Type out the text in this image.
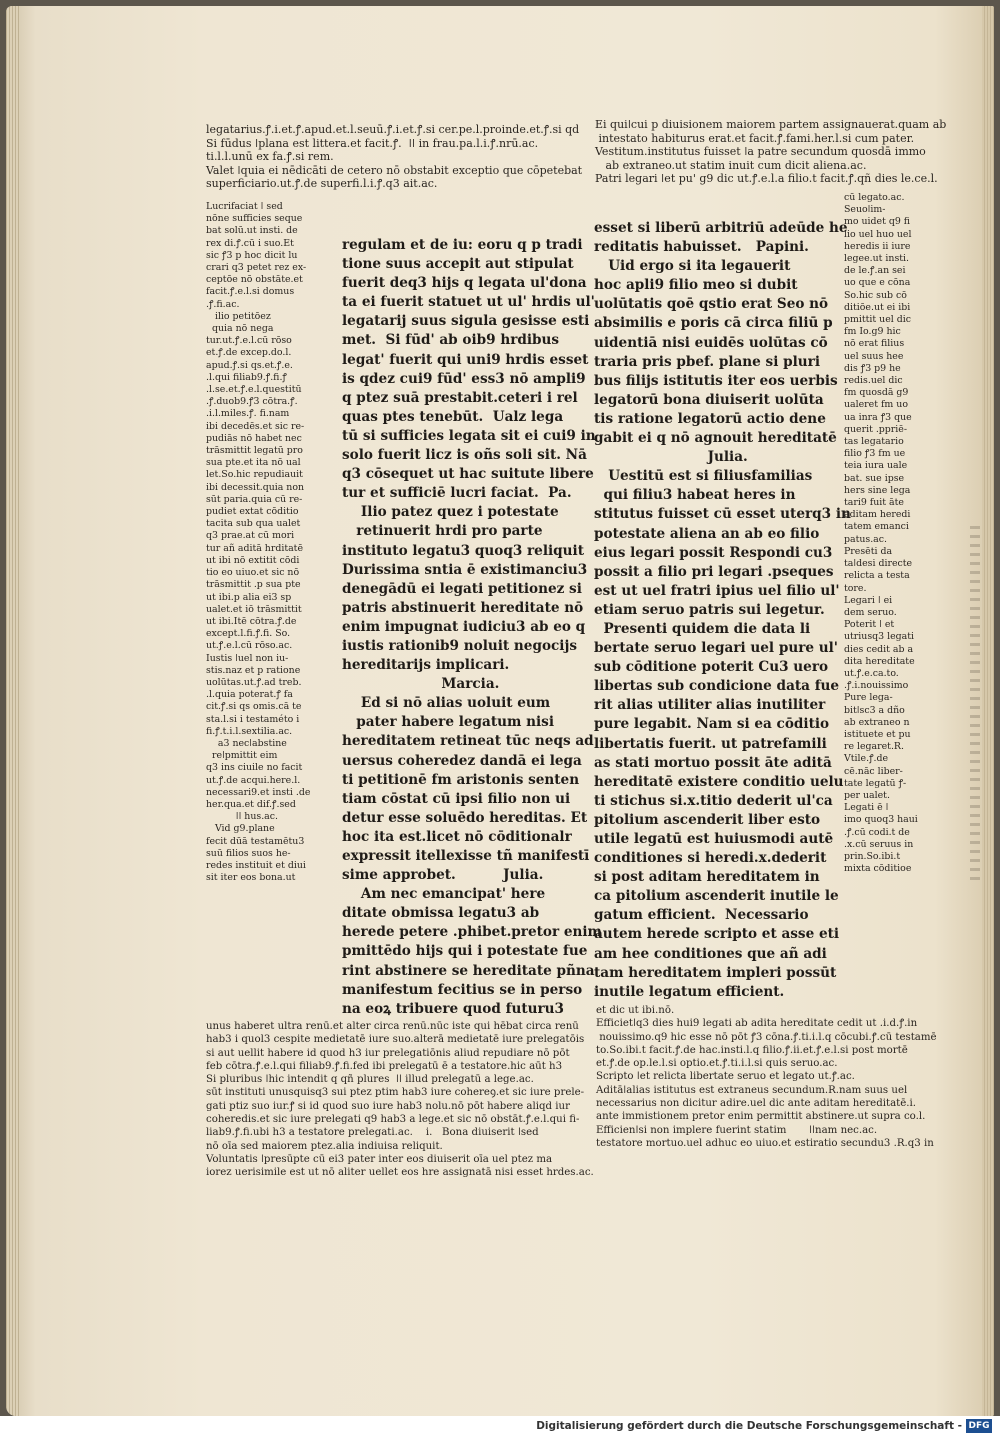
legatarius.ꝭ.i.et.ꝭ.apud.et.l.seuū.ꝭ.i.et.ꝭ.si cer.pe.l.proinde.et.ꝭ.si qd
Si fūdus ǀplana est littera.et facit.ꝭ.  ǀǀ in frau.pa.l.i.ꝭ.nrū.ac.
ti.l.l.unū ex fa.ꝭ.si rem.
Valet ǀquia ei nēdicāti de cetero nō obstabit exceptio que cōpetebat
superficiario.ut.ꝭ.de superfi.l.i.ꝭ.q3 ait.ac.
Lucrifaciat ǀ sed
nōne sufficies seque
bat solū.ut insti. de
rex di.ꝭ.cū i suo.Et
sic ꝭ3 p hoc dicit lu
crari q3 petet rez ex-
ceptōe nō obstāte.et
facit.ꝭ.e.l.si domus
.ꝭ.fi.ac.
ilio petitōez
quia nō nega
tur.ut.ꝭ.e.l.cū rōso
et.ꝭ.de excep.do.l.
apud.ꝭ.si qs.et.ꝭ.e.
.l.qui filiab9.ꝭ.fi.ꝭ
.l.se.et.ꝭ.e.l.questitū
.ꝭ.duob9.ꝭ3 cōtra.ꝭ.
.i.l.miles.ꝭ. fi.nam
ibi decedēs.et sic re-
pudiās nō habet nec
trāsmittit legatū pro
sua pte.et ita nō ual
let.So.hic repudiauit
ibi decessit.quia non
sūt paria.quia cū re-
pudiet extat cōditio
tacita sub qua ualet
q3 prae.at cū mori
tur añ aditā hrditatē
ut ibi nō extitit cōdi
tio eo uiuo.et sic nō
trāsmittit .p sua pte
ut ibi.p alia ei3 sp
ualet.et iō trāsmittit
ut ibi.Itē cōtra.ꝭ.de
except.l.fi.ꝭ.fi. So.
ut.ꝭ.e.l.cū rōso.ac.
Iustis ǀuel non iu-
stis.naz et p ratione
uolūtas.ut.ꝭ.ad treb.
.l.quia poterat.ꝭ fa
cit.ꝭ.si qs omis.cā te
sta.l.si i testaméto i
fi.ꝭ.t.i.l.sextilia.ac.
a3 necǀabstine
reǀpmittit eim
q3 ins ciuile no facit
ut.ꝭ.de acqui.here.l.
necessari9.et insti .de
her.qua.et dif.ꝭ.sed
ǀǀ hus.ac.
Vid g9.plane
fecit dūā testamētu3
suū filios suos he-
redes instituit et diui
sit iter eos bona.ut
regulam et de iu: eoru q p tradi
tione suus accepit aut stipulat
fuerit deq3 hijs q legata ul'dona
ta ei fuerit statuet ut ul' hrdis ul'
legatarij suus sigula gesisse esti
met.  Si fūd' ab oib9 hrdibus
legat' fuerit qui uni9 hrdis esset
is qdez cui9 fūd' ess3 nō ampli9
q ptez suā prestabit.ceteri i rel
quas ptes tenebūt.  Ualz lega
tū si sufficies legata sit ei cui9 in
solo fuerit licz is oñs soli sit. Nā
q3 cōsequet ut hac suitute libere
tur et sufficiē lucri faciat.  Pa.
Ilio patez quez i potestate
retinuerit hrdi pro parte
instituto legatu3 quoq3 reliquit
Durissima sntia ē existimanciu3
denegādū ei legati petitionez si
patris abstinuerit hereditate nō
enim impugnat iudiciu3 ab eo q
iustis rationib9 noluit negocijs
hereditarijs implicari.
Marcia.
Ed si nō alias uoluit eum
pater habere legatum nisi
hereditatem retineat tūc neqs ad
uersus coheredez dandā ei lega
ti petitionē fm aristonis senten
tiam cōstat cū ipsi filio non ui
detur esse soluēdo hereditas. Et
hoc ita est.licet nō cōditionalr
expressit itellexisse tñ manifestī
sime approbet.          Julia.
Am nec emancipat' here
ditate obmissa legatu3 ab
herede petere .phibet.pretor enim
pmittēdo hijs qui i potestate fue
rint abstinere se hereditate pñna
manifestum fecitius se in perso
na eoꝝ tribuere quod futuru3
Ei quiǀcui p diuisionem maiorem partem assignauerat.quam ab
intestato habiturus erat.et facit.ꝭ.fami.her.l.si cum pater.
Vestitum.institutus fuisset ǀa patre secundum quosdā immo
ab extraneo.ut statim inuit cum dicit aliena.ac.
Patri legari ǀet pu' g9 dic ut.ꝭ.e.l.a filio.t facit.ꝭ.qñ dies le.ce.l.
esset si liberū arbitriū adeūde he
reditatis habuisset.   Papini.
Uid ergo si ita legauerit
hoc apli9 filio meo si dubit
uolūtatis qoē qstio erat Seo nō
absimilis e poris cā circa filiū p
uidentiā nisi euidēs uolūtas cō
traria pris pbef. plane si pluri
bus filijs istitutis iter eos uerbis
legatorū bona diuiserit uolūta
tis ratione legatorū actio dene
gabit ei q nō agnouit hereditatē
Julia.
Uestitū est si filiusfamilias
qui filiu3 habeat heres in
stitutus fuisset cū esset uterq3 in
potestate aliena an ab eo filio
eius legari possit Respondi cu3
possit a filio pri legari .pseques
est ut uel fratri ipius uel filio ul'
etiam seruo patris sui legetur.
Presenti quidem die data li
bertate seruo legari uel pure ul'
sub cōditione poterit Cu3 uero
libertas sub condicione data fue
rit alias utiliter alias inutiliter
pure legabit. Nam si ea cōditio
libertatis fuerit. ut patrefamili
as stati mortuo possit āte aditā
hereditatē existere conditio uelu
ti stichus si.x.titio dederit ul'ca
pitolium ascenderit liber esto
utile legatū est huiusmodi autē
conditiones si heredi.x.dederit
si post aditam hereditatem in
ca pitolium ascenderit inutile le
gatum efficient.  Necessario
autem herede scripto et asse eti
am hee conditiones que añ adi
tam hereditatem impleri possūt
inutile legatum efficient.
cū legato.ac.
Seuoǀim-
mo uidet q9 fi
lio uel huo uel
heredis ii iure
legee.ut insti.
de le.ꝭ.an sei
uo que e cōna
So.hic sub cō
ditiōe.ut ei ibi
pmittit uel dic
fm Io.g9 hic
nō erat filius
uel suus hee
dis ꝭ3 p9 he
redis.uel dic
fm quosdā g9
ualeret fm uo
ua inra ꝭ3 que
querit .ppriē-
tas legatario
filio ꝭ3 fm ue
teia iura uale
bat. sue ipse
hers sine lega
tari9 fuit āte
aditam heredi
tatem emanci
patus.ac.
Presēti da
taǀdesi directe
relicta a testa
tore.
Legari ǀ ei
dem seruo.
Poterit ǀ et
utriusq3 legati
dies cedit ab a
dita hereditate
ut.ꝭ.e.ca.to.
.ꝭ.i.nouissimo
Pure lega-
bitǀsc3 a dño
ab extraneo n
istituete et pu
re legaret.R.
Vtile.ꝭ.de
cē.nāc liber-
tate legatū ꝭ-
per ualet.
Legati ē ǀ
imo quoq3 haui
.ꝭ.cū codi.t de
.x.cū seruus in
prin.So.ibi.t
mixta cōditioe
unus haberet ultra renū.et alter circa renū.nūc iste qui hēbat circa renū
hab3 i quol3 cespite medietatē iure suo.alterā medietatē iure prelegatōis
si aut uellit habere id quod h3 iur prelegatiōnis aliud repudiare nō pōt
feb cōtra.ꝭ.e.l.qui filiab9.ꝭ.fi.fed ibi prelegatū ē a testatore.hic aūt h3
Si pluribus ǀhic intendit q qñ plures  ǀǀ illud prelegatū a lege.ac.
sūt instituti unusquisq3 sui ptez ptim hab3 iure cohereꝯ.et sic iure prele-
gati ptiz suo iur.ꝭ si id quod suo iure hab3 nolu.nō pōt habere aliqd iur
coheredis.et sic iure prelegati q9 hab3 a lege.et sic nō obstāt.ꝭ.e.l.qui fi-
liab9.ꝭ.fi.ubi h3 a testatore prelegati.ac.    i.   Bona diuiserit ǀsed
nō oīa sed maiorem ptez.alia indiuisa reliquit.
Voluntatis ǀpresūpte cū ei3 pater inter eos diuiserit oīa uel ptez ma
iorez uerisimile est ut nō aliter uellet eos hre assignatā nisi esset hrdes.ac.
et dic ut ibi.nō.
Efficietǀq3 dies hui9 legati ab adita hereditate cedit ut .i.d.ꝭ.in
nouissimo.q9 hic esse nō pōt ꝭ3 cōna.ꝭ.ti.i.l.q cōcubi.ꝭ.cū testamē
to.So.ibi.t facit.ꝭ.de hac.insti.l.q filio.ꝭ.ii.et.ꝭ.e.l.si post mortē
et.ꝭ.de op.le.l.si optio.et.ꝭ.ti.i.l.si quis seruo.ac.
Scripto ǀet relicta libertate seruo et legato ut.ꝭ.ac.
Aditāǀalias istitutus est extraneus secundum.R.nam suus uel
necessarius non dicitur adire.uel dic ante aditam hereditatē.i.
ante immistionem pretor enim permittit abstinere.ut supra co.l.
Efficienǀsi non implere fuerint statim       ǀǀnam nec.ac.
testatore mortuo.uel adhuc eo uiuo.et estiratio secundu3 .R.q3 in
Digitalisierung gefördert durch die Deutsche Forschungsgemeinschaft - DFG
